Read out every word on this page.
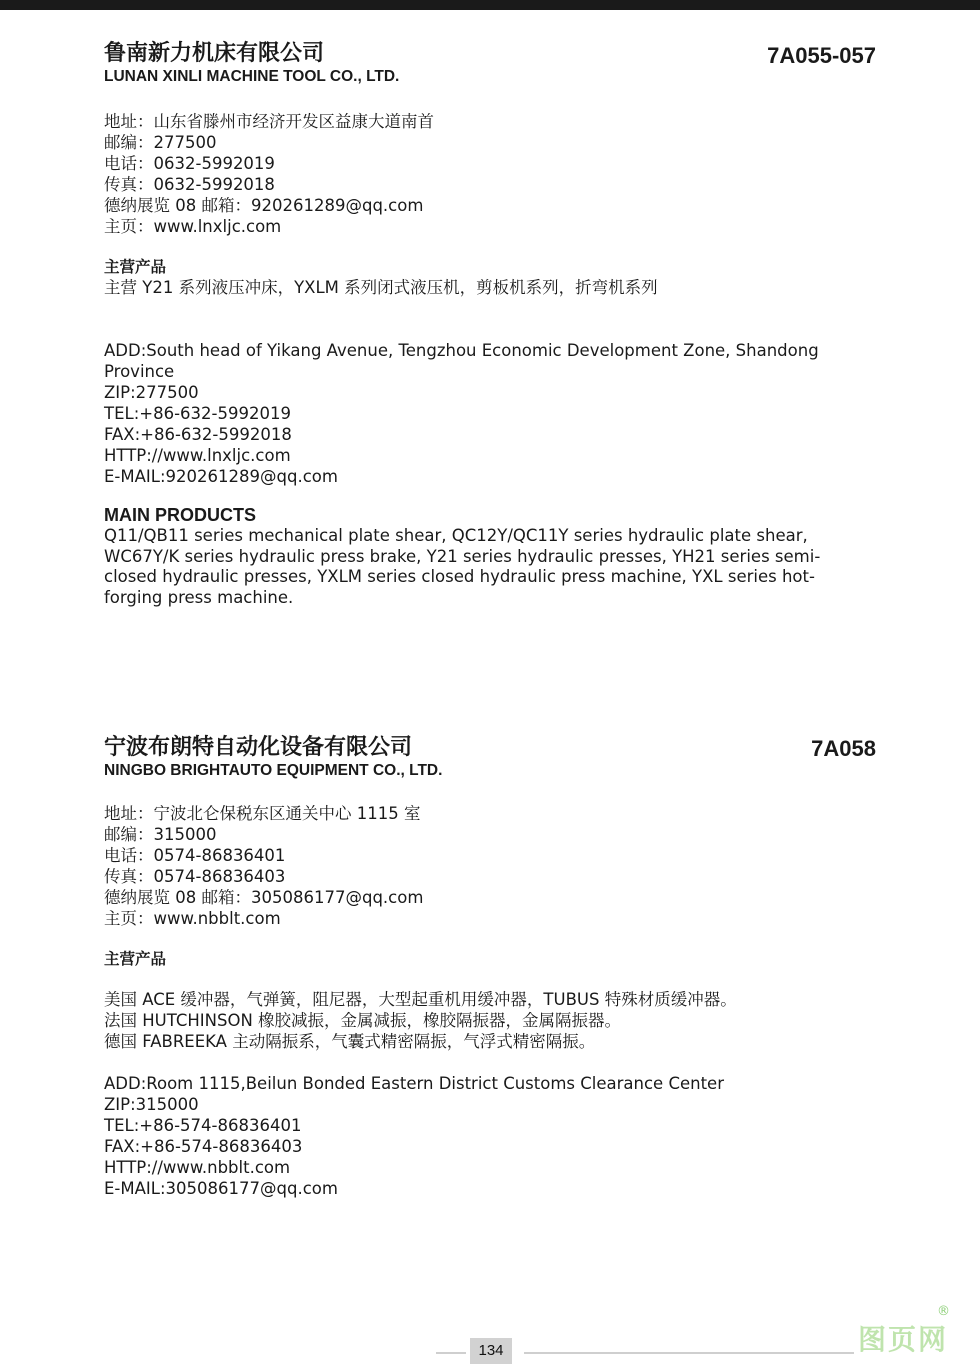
鲁南新力机床有限公司
LUNAN XINLI MACHINE TOOL CO., LTD.
7A055-057
地址：山东省滕州市经济开发区益康大道南首
邮编：277500
电话：0632-5992019
传真：0632-5992018
德纳展览 08 邮箱：920261289@qq.com
主页：www.lnxljc.com
主营产品
主营 Y21 系列液压冲床，YXLM 系列闭式液压机，剪板机系列，折弯机系列
ADD:South head of Yikang Avenue, Tengzhou Economic Development Zone, Shandong Province
ZIP:277500
TEL:+86-632-5992019
FAX:+86-632-5992018
HTTP://www.lnxljc.com
E-MAIL:920261289@qq.com
MAIN PRODUCTS
Q11/QB11 series mechanical plate shear, QC12Y/QC11Y series hydraulic plate shear, WC67Y/K series hydraulic press brake, Y21 series hydraulic presses, YH21 series semi-closed hydraulic presses, YXLM series closed hydraulic press machine, YXL series hot-forging press machine.
宁波布朗特自动化设备有限公司
NINGBO BRIGHTAUTO EQUIPMENT CO., LTD.
7A058
地址：宁波北仑保税东区通关中心 1115 室
邮编：315000
电话：0574-86836401
传真：0574-86836403
德纳展览 08 邮箱：305086177@qq.com
主页：www.nbblt.com
主营产品
美国 ACE 缓冲器，气弹簧，阻尼器，大型起重机用缓冲器，TUBUS 特殊材质缓冲器。
法国 HUTCHINSON 橡胶减振，金属减振，橡胶隔振器，金属隔振器。
德国 FABREEKA 主动隔振系，气囊式精密隔振，气浮式精密隔振。
ADD:Room 1115,Beilun Bonded Eastern District Customs Clearance Center
ZIP:315000
TEL:+86-574-86836401
FAX:+86-574-86836403
HTTP://www.nbblt.com
E-MAIL:305086177@qq.com
134	图页网
®
